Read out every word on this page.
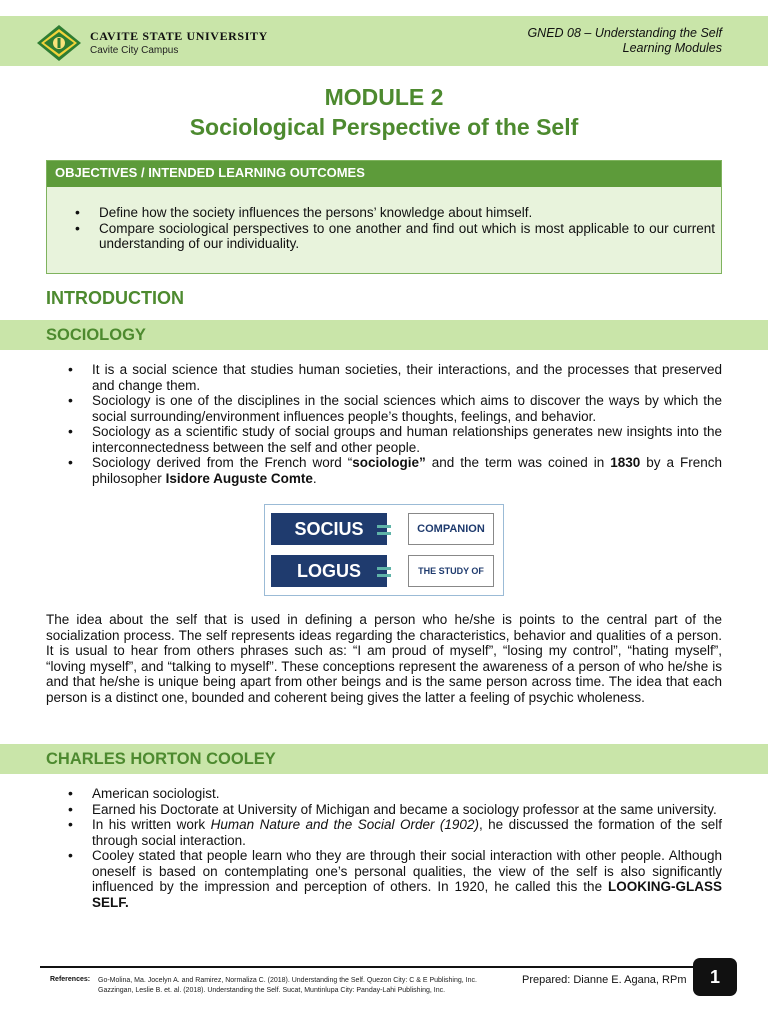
CAVITE STATE UNIVERSITY
Cavite City Campus
GNED 08 – Understanding the Self
Learning Modules
MODULE 2
Sociological Perspective of the Self
OBJECTIVES / INTENDED LEARNING OUTCOMES
• Define how the society influences the persons’ knowledge about himself.
• Compare sociological perspectives to one another and find out which is most applicable to our current understanding of our individuality.
INTRODUCTION
SOCIOLOGY
• It is a social science that studies human societies, their interactions, and the processes that preserved and change them.
• Sociology is one of the disciplines in the social sciences which aims to discover the ways by which the social surrounding/environment influences people’s thoughts, feelings, and behavior.
• Sociology as a scientific study of social groups and human relationships generates new insights into the interconnectedness between the self and other people.
• Sociology derived from the French word “sociologie” and the term was coined in 1830 by a French philosopher Isidore Auguste Comte.
SOCIUS	COMPANION
LOGUS	THE STUDY OF

The idea about the self that is used in defining a person who he/she is points to the central part of the socialization process. The self represents ideas regarding the characteristics, behavior and qualities of a person. It is usual to hear from others phrases such as: “I am proud of myself”, “losing my control”, “hating myself”, “loving myself”, and “talking to myself”. These conceptions represent the awareness of a person of who he/she is and that he/she is unique being apart from other beings and is the same person across time. The idea that each person is a distinct one, bounded and coherent being gives the latter a feeling of psychic wholeness.

CHARLES HORTON COOLEY
• American sociologist.
• Earned his Doctorate at University of Michigan and became a sociology professor at the same university.
• In his written work Human Nature and the Social Order (1902), he discussed the formation of the self through social interaction.
• Cooley stated that people learn who they are through their social interaction with other people. Although oneself is based on contemplating one’s personal qualities, the view of the self is also significantly influenced by the impression and perception of others. In 1920, he called this the LOOKING-GLASS SELF.
References: Go-Molina, Ma. Jocelyn A. and Ramirez, Normaliza C. (2018). Understanding the Self. Quezon City: C & E Publishing, Inc.
Gazzingan, Leslie B. et. al. (2018). Understanding the Self. Sucat, Muntinlupa City: Panday-Lahi Publishing, Inc.
Prepared: Dianne E. Agana, RPm	1
